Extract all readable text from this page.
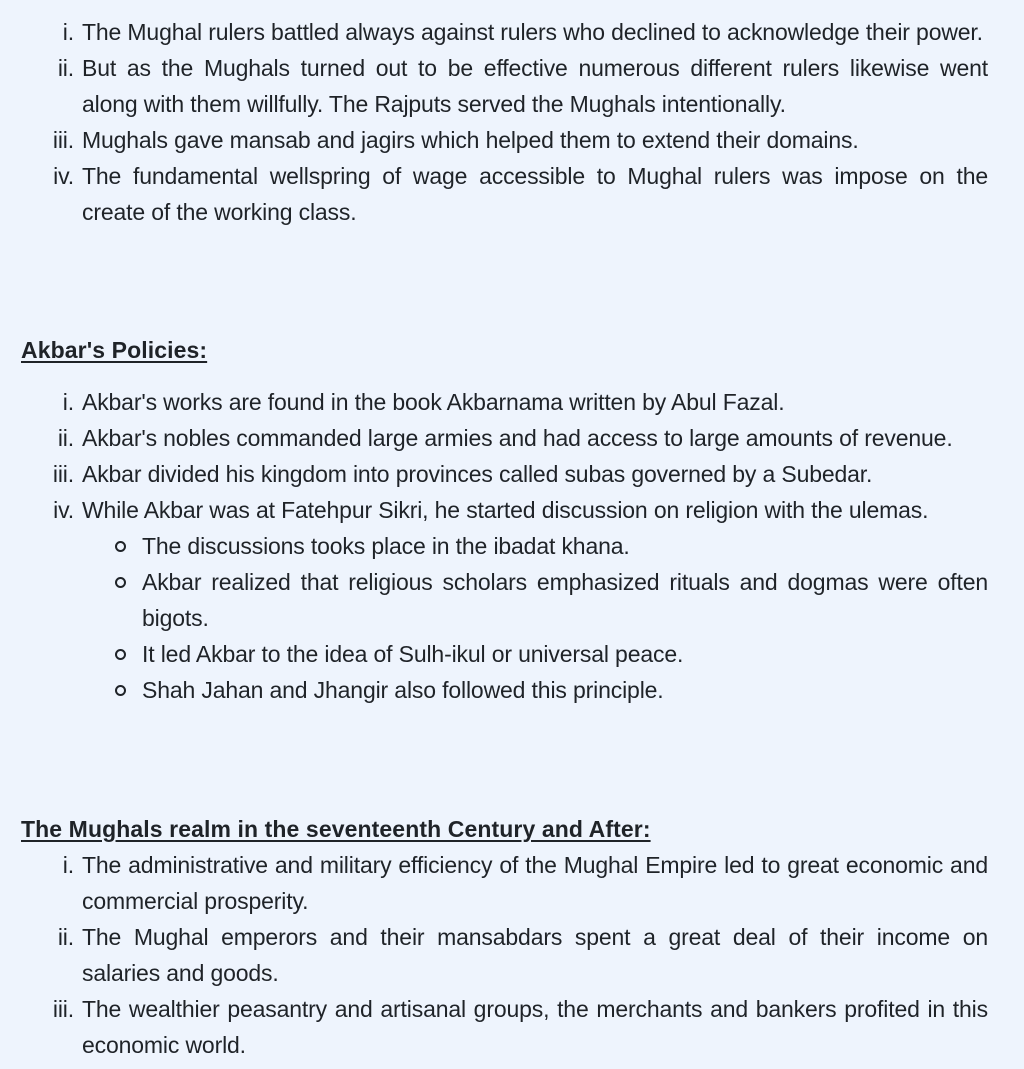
i. The Mughal rulers battled always against rulers who declined to acknowledge their power.
ii. But as the Mughals turned out to be effective numerous different rulers likewise went along with them willfully. The Rajputs served the Mughals intentionally.
iii. Mughals gave mansab and jagirs which helped them to extend their domains.
iv. The fundamental wellspring of wage accessible to Mughal rulers was impose on the create of the working class.
Akbar's Policies:
i. Akbar's works are found in the book Akbarnama written by Abul Fazal.
ii. Akbar's nobles commanded large armies and had access to large amounts of revenue.
iii. Akbar divided his kingdom into provinces called subas governed by a Subedar.
iv. While Akbar was at Fatehpur Sikri, he started discussion on religion with the ulemas.
The discussions tooks place in the ibadat khana.
Akbar realized that religious scholars emphasized rituals and dogmas were often bigots.
It led Akbar to the idea of Sulh-ikul or universal peace.
Shah Jahan and Jhangir also followed this principle.
The Mughals realm in the seventeenth Century and After:
i. The administrative and military efficiency of the Mughal Empire led to great economic and commercial prosperity.
ii. The Mughal emperors and their mansabdars spent a great deal of their income on salaries and goods.
iii. The wealthier peasantry and artisanal groups, the merchants and bankers profited in this economic world.
